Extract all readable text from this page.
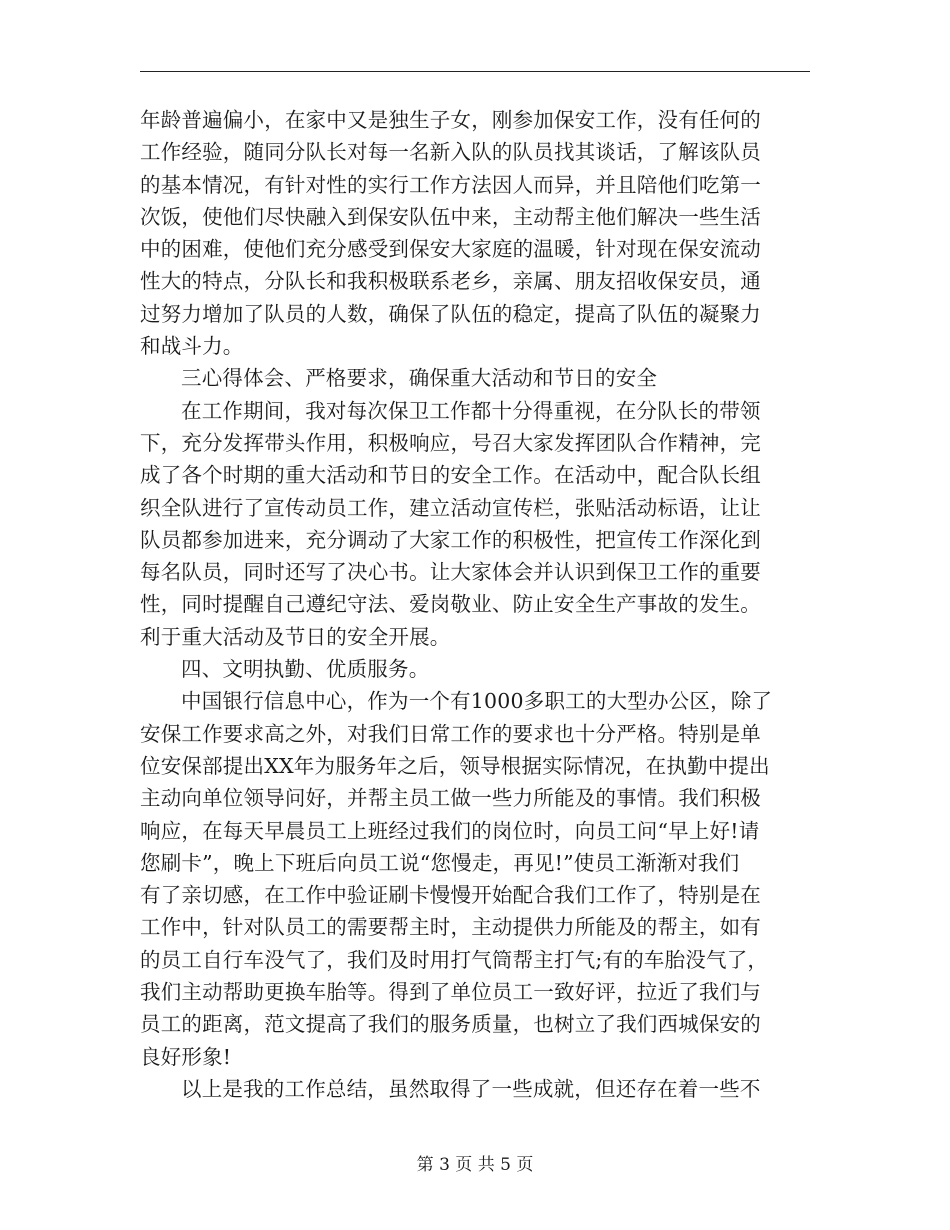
年龄普遍偏小，在家中又是独生子女，刚参加保安工作，没有任何的
工作经验，随同分队长对每一名新入队的队员找其谈话，了解该队员
的基本情况，有针对性的实行工作方法因人而异，并且陪他们吃第一
次饭，使他们尽快融入到保安队伍中来，主动帮主他们解决一些生活
中的困难，使他们充分感受到保安大家庭的温暖，针对现在保安流动
性大的特点，分队长和我积极联系老乡，亲属、朋友招收保安员，通
过努力增加了队员的人数，确保了队伍的稳定，提高了队伍的凝聚力
和战斗力。

三心得体会、严格要求，确保重大活动和节日的安全

在工作期间，我对每次保卫工作都十分得重视，在分队长的带领
下，充分发挥带头作用，积极响应，号召大家发挥团队合作精神，完
成了各个时期的重大活动和节日的安全工作。在活动中，配合队长组
织全队进行了宣传动员工作，建立活动宣传栏，张贴活动标语，让让
队员都参加进来，充分调动了大家工作的积极性，把宣传工作深化到
每名队员，同时还写了决心书。让大家体会并认识到保卫工作的重要
性，同时提醒自己遵纪守法、爱岗敬业、防止安全生产事故的发生。
利于重大活动及节日的安全开展。

四、文明执勤、优质服务。

中国银行信息中心，作为一个有1000多职工的大型办公区，除了
安保工作要求高之外，对我们日常工作的要求也十分严格。特别是单
位安保部提出XX年为服务年之后，领导根据实际情况，在执勤中提出
主动向单位领导问好，并帮主员工做一些力所能及的事情。我们积极
响应，在每天早晨员工上班经过我们的岗位时，向员工问“早上好!请
您刷卡”，晚上下班后向员工说“您慢走，再见!”使员工渐渐对我们
有了亲切感，在工作中验证刷卡慢慢开始配合我们工作了，特别是在
工作中，针对队员工的需要帮主时，主动提供力所能及的帮主，如有
的员工自行车没气了，我们及时用打气筒帮主打气;有的车胎没气了，
我们主动帮助更换车胎等。得到了单位员工一致好评，拉近了我们与
员工的距离，范文提高了我们的服务质量，也树立了我们西城保安的
良好形象!

以上是我的工作总结，虽然取得了一些成就，但还存在着一些不

第 3 页 共 5 页
